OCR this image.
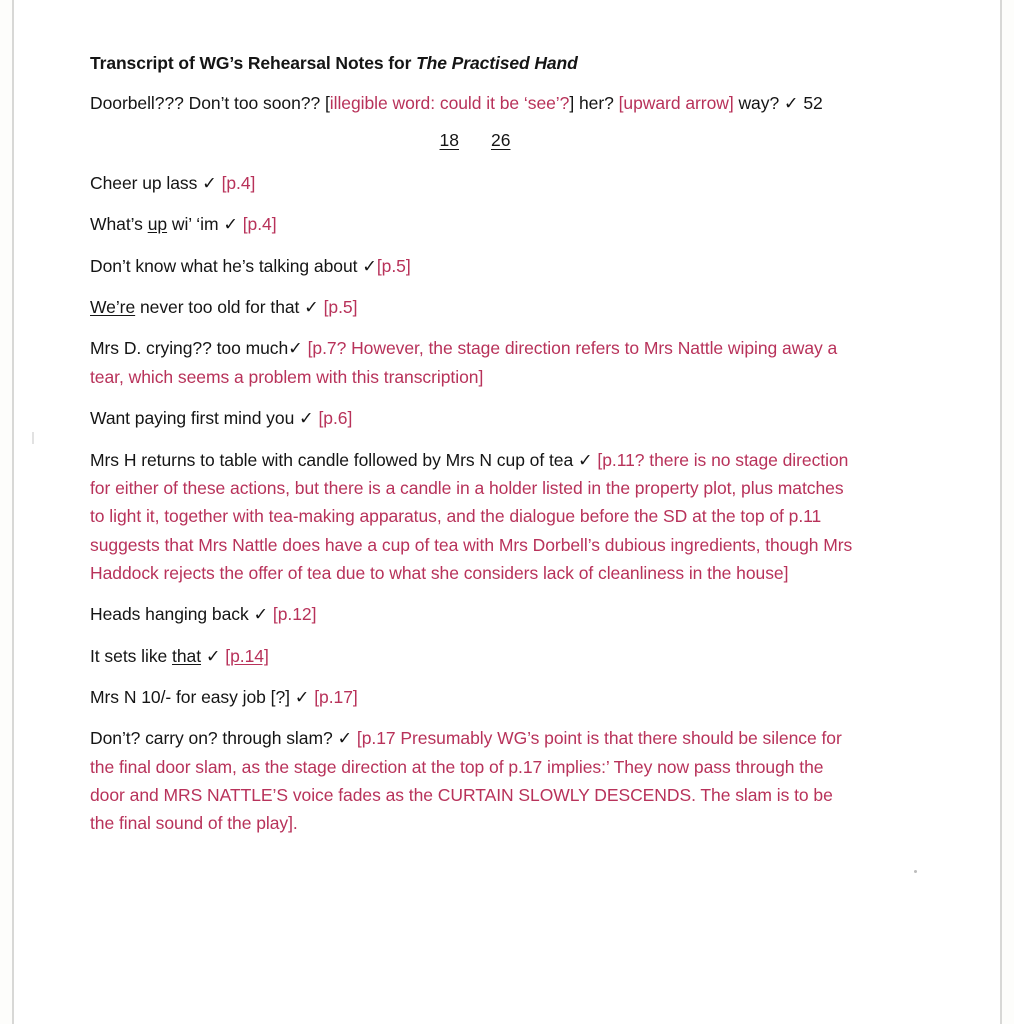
Transcript of WG’s Rehearsal Notes for The Practised Hand

Doorbell??? Don’t too soon?? [illegible word: could it be ‘see’?] her? [upward arrow] way? ✓ 52

18 26

Cheer up lass ✓ [p.4]

What’s up wi’ ‘im ✓ [p.4]

Don’t know what he’s talking about ✓[p.5]

We’re never too old for that ✓ [p.5]

Mrs D. crying?? too much✓ [p.7? However, the stage direction refers to Mrs Nattle wiping away a tear, which seems a problem with this transcription]

Want paying first mind you ✓ [p.6]

Mrs H returns to table with candle followed by Mrs N cup of tea ✓ [p.11? there is no stage direction for either of these actions, but there is a candle in a holder listed in the property plot, plus matches to light it, together with tea-making apparatus, and the dialogue before the SD at the top of p.11 suggests that Mrs Nattle does have a cup of tea with Mrs Dorbell’s dubious ingredients, though Mrs Haddock rejects the offer of tea due to what she considers lack of cleanliness in the house]

Heads hanging back ✓ [p.12]

It sets like that ✓ [p.14]

Mrs N 10/- for easy job [?] ✓ [p.17]

Don’t? carry on? through slam? ✓ [p.17 Presumably WG’s point is that there should be silence for the final door slam, as the stage direction at the top of p.17 implies:’ They now pass through the door and MRS NATTLE’S voice fades as the CURTAIN SLOWLY DESCENDS. The slam is to be the final sound of the play].
